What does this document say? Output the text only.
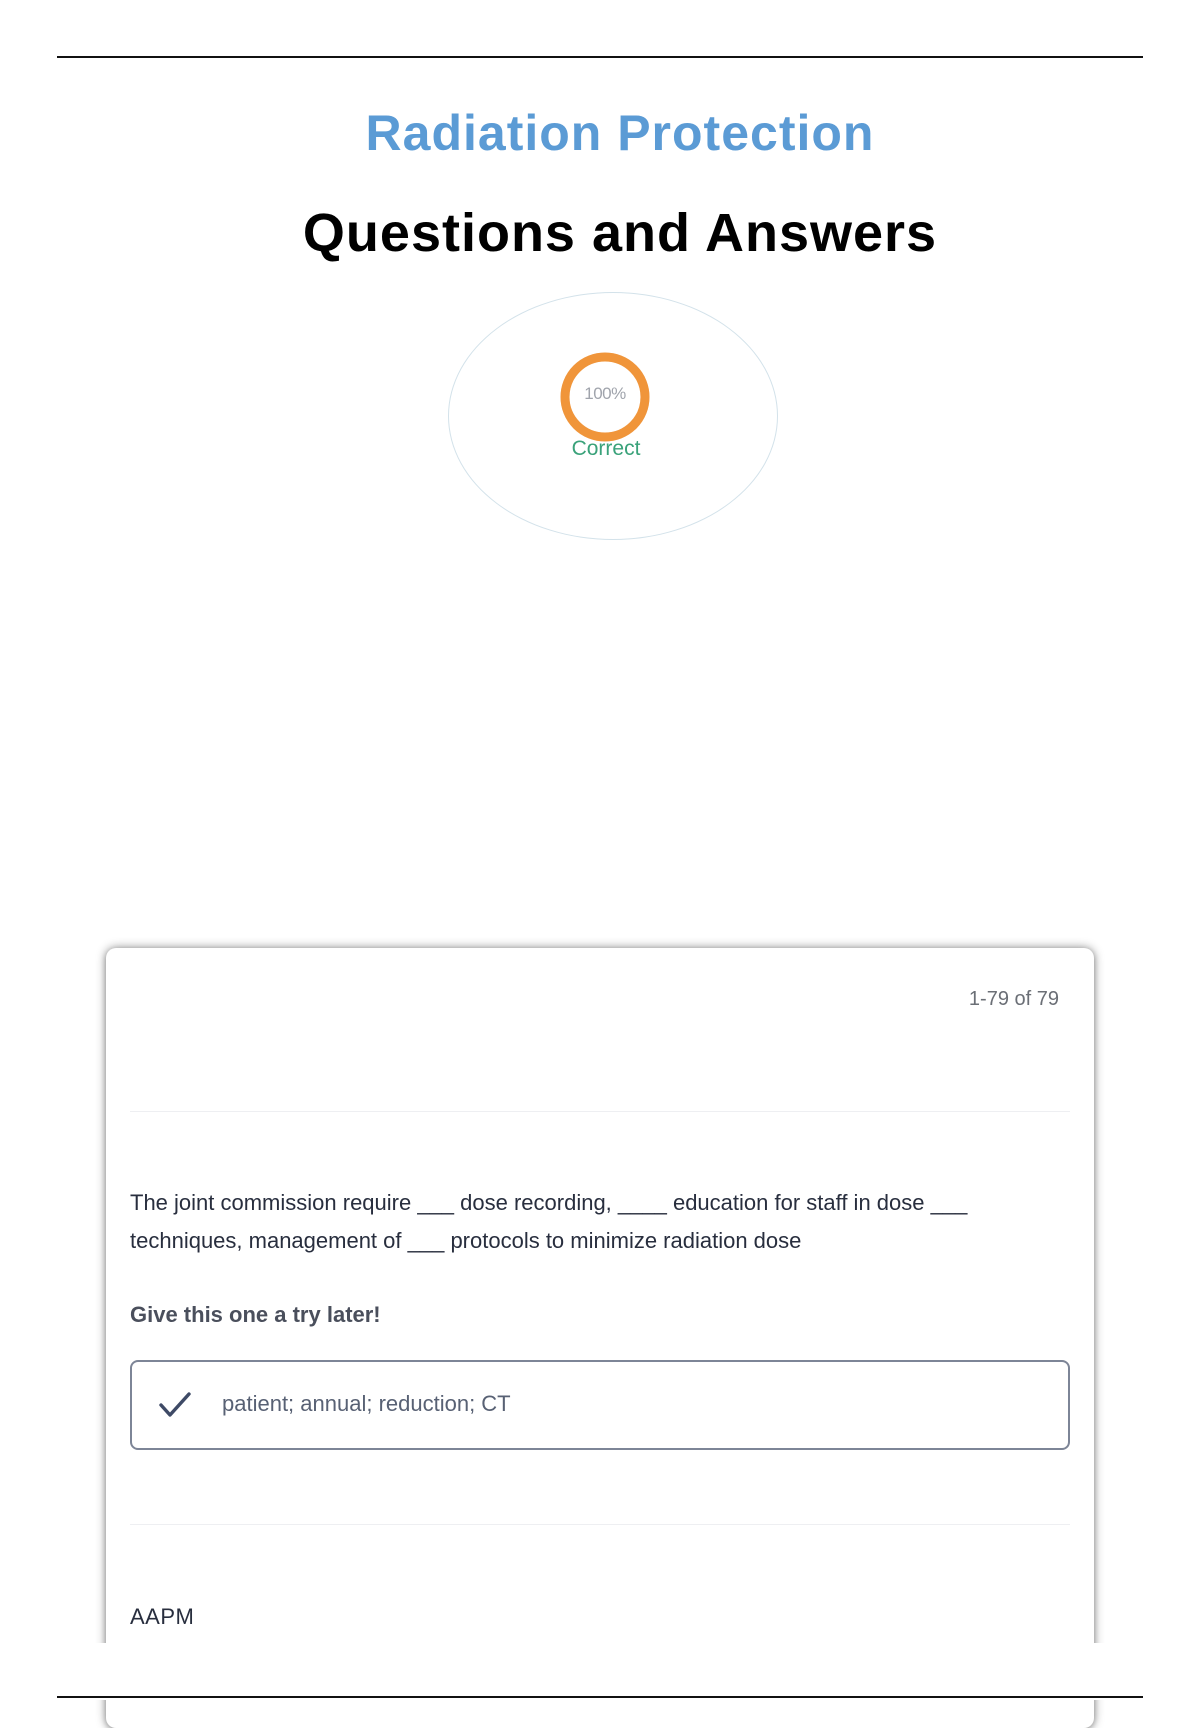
Radiation Protection
Questions and Answers
100%
Correct
1-79 of 79
The joint commission require ___ dose recording, ____ education for staff in dose ___ techniques, management of ___ protocols to minimize radiation dose
Give this one a try later!
patient; annual; reduction; CT
AAPM
